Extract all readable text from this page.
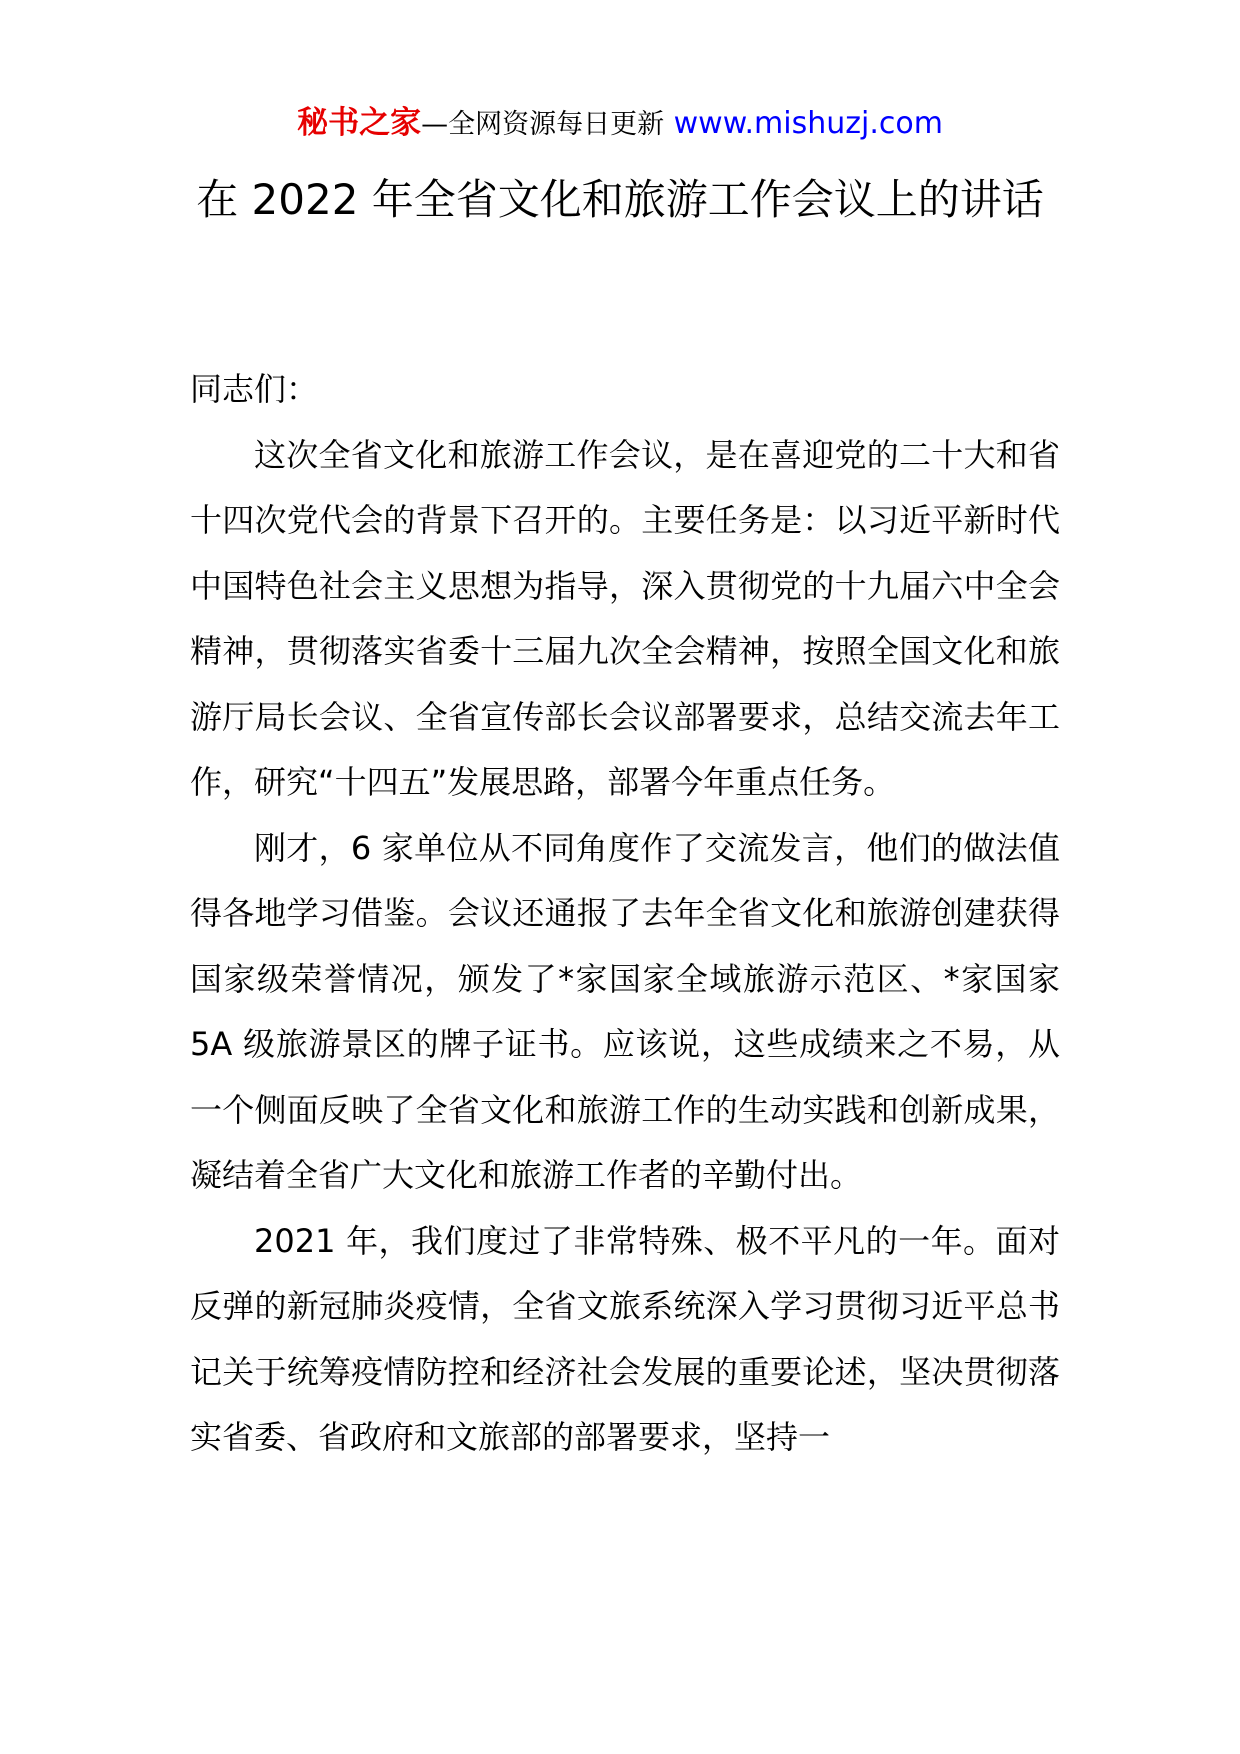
秘书之家—全网资源每日更新 www.mishuzj.com
在 2022 年全省文化和旅游工作会议上的讲话

同志们：

这次全省文化和旅游工作会议，是在喜迎党的二十大和省十四次党代会的背景下召开的。主要任务是：以习近平新时代中国特色社会主义思想为指导，深入贯彻党的十九届六中全会精神，贯彻落实省委十三届九次全会精神，按照全国文化和旅游厅局长会议、全省宣传部长会议部署要求，总结交流去年工作，研究“十四五”发展思路，部署今年重点任务。

刚才，6 家单位从不同角度作了交流发言，他们的做法值得各地学习借鉴。会议还通报了去年全省文化和旅游创建获得国家级荣誉情况，颁发了*家国家全域旅游示范区、*家国家 5A 级旅游景区的牌子证书。应该说，这些成绩来之不易，从一个侧面反映了全省文化和旅游工作的生动实践和创新成果，凝结着全省广大文化和旅游工作者的辛勤付出。

2021 年，我们度过了非常特殊、极不平凡的一年。面对反弹的新冠肺炎疫情，全省文旅系统深入学习贯彻习近平总书记关于统筹疫情防控和经济社会发展的重要论述，坚决贯彻落实省委、省政府和文旅部的部署要求，坚持一
